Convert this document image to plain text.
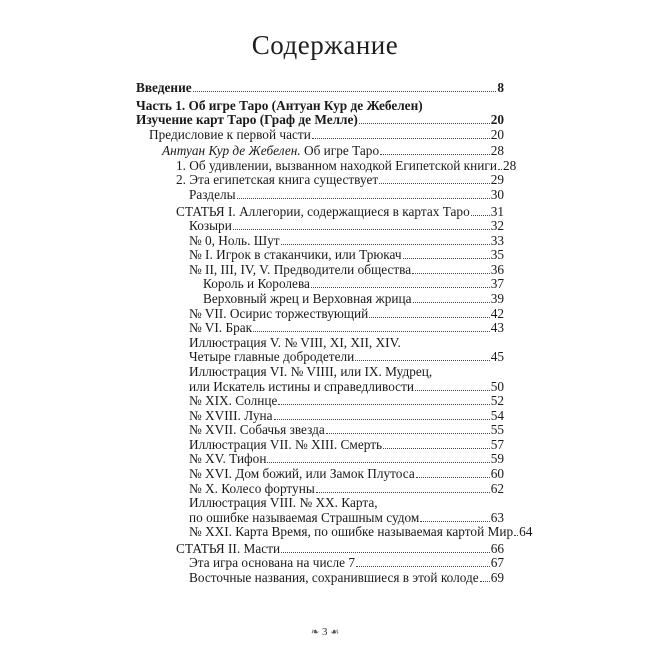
Содержание
Введение	8
Часть 1. Об игре Таро (Антуан Кур де Жебелен)
Изучение карт Таро (Граф де Мелле)	20
Предисловие к первой части	20
Антуан Кур де Жебелен. Об игре Таро	28
1. Об удивлении, вызванном находкой Египетской книги 28
2. Эта египетская книга существует	29
Разделы	30
СТАТЬЯ I. Аллегории, содержащиеся в картах Таро 31
Козыри	32
№ 0, Ноль. Шут	33
№ I. Игрок в стаканчики, или Трюкач	35
№ II, III, IV, V. Предводители общества	36
Король и Королева	37
Верховный жрец и Верховная жрица	39
№ VII. Осирис торжествующий	42
№ VI. Брак	43
Иллюстрация V. № VIII, XI, XII, XIV.
Четыре главные добродетели	45
Иллюстрация VI. № VIIII, или IX. Мудрец,
или Искатель истины и справедливости	50
№ XIX. Солнце	52
№ XVIII. Луна	54
№ XVII. Собачья звезда	55
Иллюстрация VII. № XIII. Смерть	57
№ XV. Тифон	59
№ XVI. Дом божий, или Замок Плутоса	60
№ X. Колесо фортуны	62
Иллюстрация VIII. № XX. Карта,
по ошибке называемая Страшным судом	63
№ XXI. Карта Время, по ошибке называемая картой Мир 64
СТАТЬЯ II. Масти	66
Эта игра основана на числе 7	67
Восточные названия, сохранившиеся в этой колоде 69
❧ 3 ☙
